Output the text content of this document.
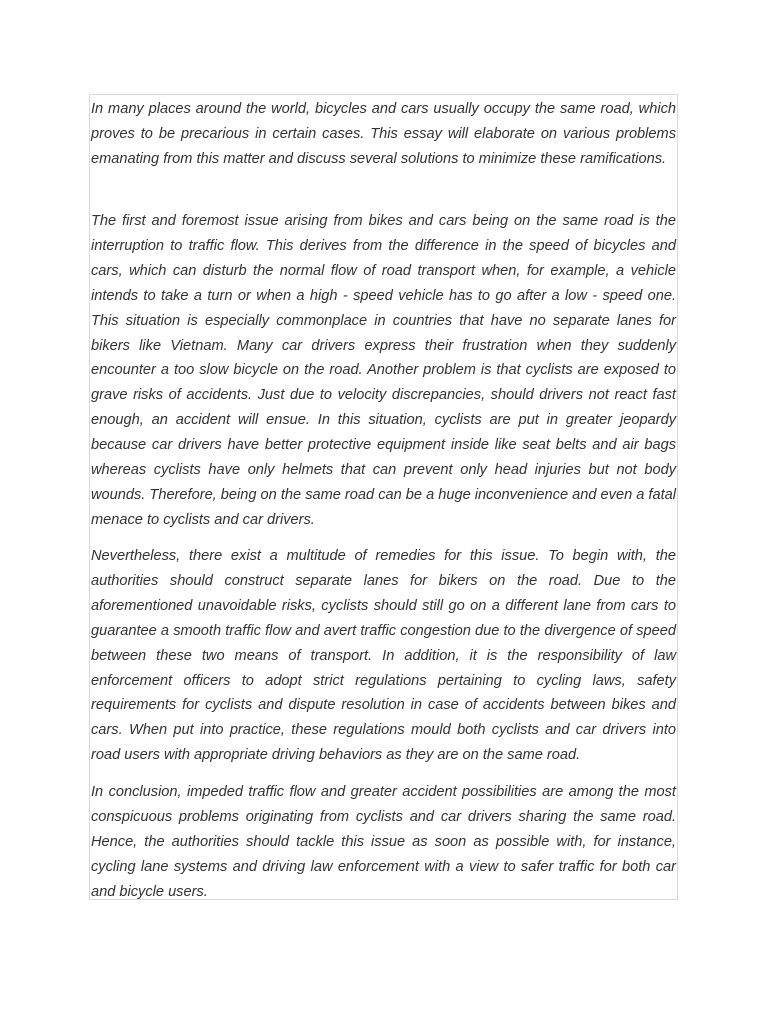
In many places around the world, bicycles and cars usually occupy the same road, which proves to be precarious in certain cases. This essay will elaborate on various problems emanating from this matter and discuss several solutions to minimize these ramifications.

The first and foremost issue arising from bikes and cars being on the same road is the interruption to traffic flow. This derives from the difference in the speed of bicycles and cars, which can disturb the normal flow of road transport when, for example, a vehicle intends to take a turn or when a high - speed vehicle has to go after a low - speed one. This situation is especially commonplace in countries that have no separate lanes for bikers like Vietnam. Many car drivers express their frustration when they suddenly encounter a too slow bicycle on the road. Another problem is that cyclists are exposed to grave risks of accidents. Just due to velocity discrepancies, should drivers not react fast enough, an accident will ensue. In this situation, cyclists are put in greater jeopardy because car drivers have better protective equipment inside like seat belts and air bags whereas cyclists have only helmets that can prevent only head injuries but not body wounds. Therefore, being on the same road can be a huge inconvenience and even a fatal menace to cyclists and car drivers.

Nevertheless, there exist a multitude of remedies for this issue. To begin with, the authorities should construct separate lanes for bikers on the road. Due to the aforementioned unavoidable risks, cyclists should still go on a different lane from cars to guarantee a smooth traffic flow and avert traffic congestion due to the divergence of speed between these two means of transport. In addition, it is the responsibility of law enforcement officers to adopt strict regulations pertaining to cycling laws, safety requirements for cyclists and dispute resolution in case of accidents between bikes and cars. When put into practice, these regulations mould both cyclists and car drivers into road users with appropriate driving behaviors as they are on the same road.

In conclusion, impeded traffic flow and greater accident possibilities are among the most conspicuous problems originating from cyclists and car drivers sharing the same road. Hence, the authorities should tackle this issue as soon as possible with, for instance, cycling lane systems and driving law enforcement with a view to safer traffic for both car and bicycle users.
